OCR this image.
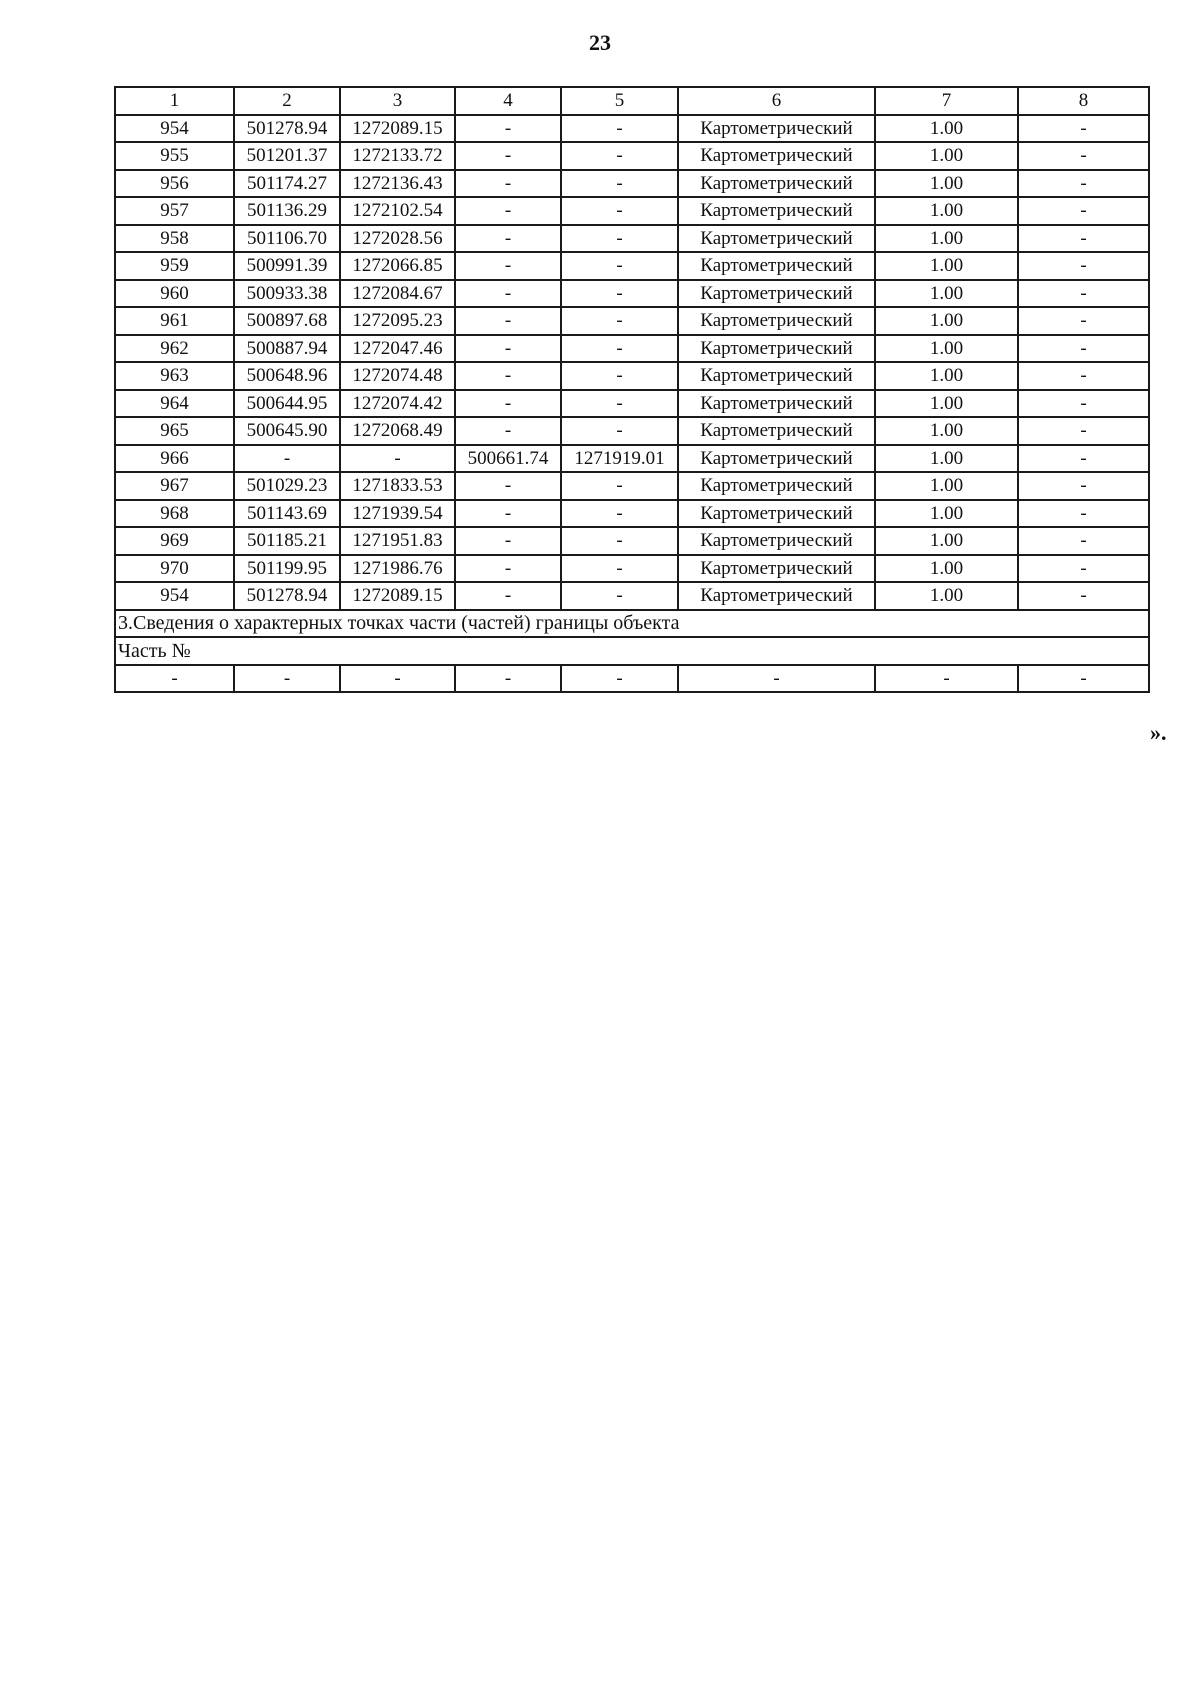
23
1	2	3	4	5	6	7	8
954	501278.94	1272089.15	-	-	Картометрический	1.00	-
955	501201.37	1272133.72	-	-	Картометрический	1.00	-
956	501174.27	1272136.43	-	-	Картометрический	1.00	-
957	501136.29	1272102.54	-	-	Картометрический	1.00	-
958	501106.70	1272028.56	-	-	Картометрический	1.00	-
959	500991.39	1272066.85	-	-	Картометрический	1.00	-
960	500933.38	1272084.67	-	-	Картометрический	1.00	-
961	500897.68	1272095.23	-	-	Картометрический	1.00	-
962	500887.94	1272047.46	-	-	Картометрический	1.00	-
963	500648.96	1272074.48	-	-	Картометрический	1.00	-
964	500644.95	1272074.42	-	-	Картометрический	1.00	-
965	500645.90	1272068.49	-	-	Картометрический	1.00	-
966	-	-	500661.74	1271919.01	Картометрический	1.00	-
967	501029.23	1271833.53	-	-	Картометрический	1.00	-
968	501143.69	1271939.54	-	-	Картометрический	1.00	-
969	501185.21	1271951.83	-	-	Картометрический	1.00	-
970	501199.95	1271986.76	-	-	Картометрический	1.00	-
954	501278.94	1272089.15	-	-	Картометрический	1.00	-
3.Сведения о характерных точках части (частей) границы объекта							
Часть №							
-	-	-	-	-	-	-	-
».
